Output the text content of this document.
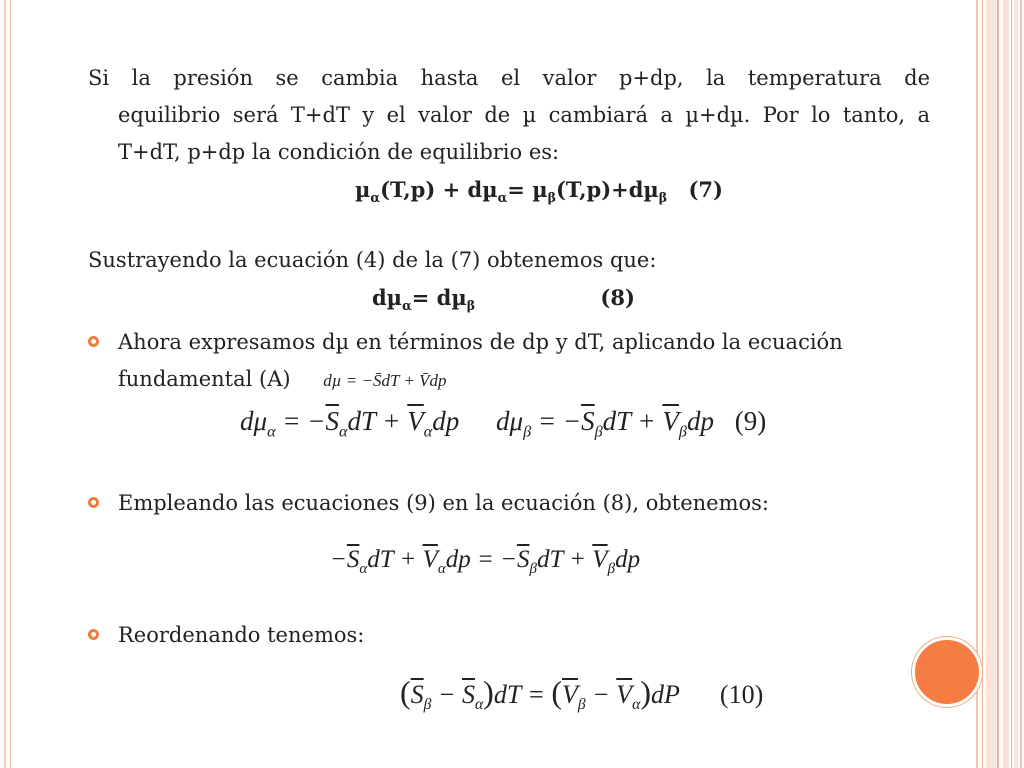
Si la presión se cambia hasta el valor p+dp, la temperatura de
equilibrio será T+dT y el valor de µ cambiará a µ+dµ. Por lo tanto, a
T+dT, p+dp la condición de equilibrio es:
µ$_\alpha$(T,p) + dµ$_\alpha$= µ$_\beta$(T,p)+dµ$_\beta$ (7)
Sustrayendo la ecuación (4) de la (7) obtenemos que:
dµ$_\alpha$= dµ$_\beta$	(8)
Ahora expresamos dµ en términos de dp y dT, aplicando la ecuación
fundamental (A) dµ = −S̄dT + V̄dp
$d\mu_\alpha = -\overline{S}_\alpha dT + \overline{V}_\alpha dp$ $d\mu_\beta = -\overline{S}_\beta dT + \overline{V}_\beta dp$ (9)
Empleando las ecuaciones (9) en la ecuación (8), obtenemos:
$-\overline{S}_\alpha dT + \overline{V}_\alpha dp = -\overline{S}_\beta dT + \overline{V}_\beta dp$
Reordenando tenemos:
$(\overline{S}_\beta - \overline{S}_\alpha)dT = (\overline{V}_\beta - \overline{V}_\alpha)dP$ (10)
